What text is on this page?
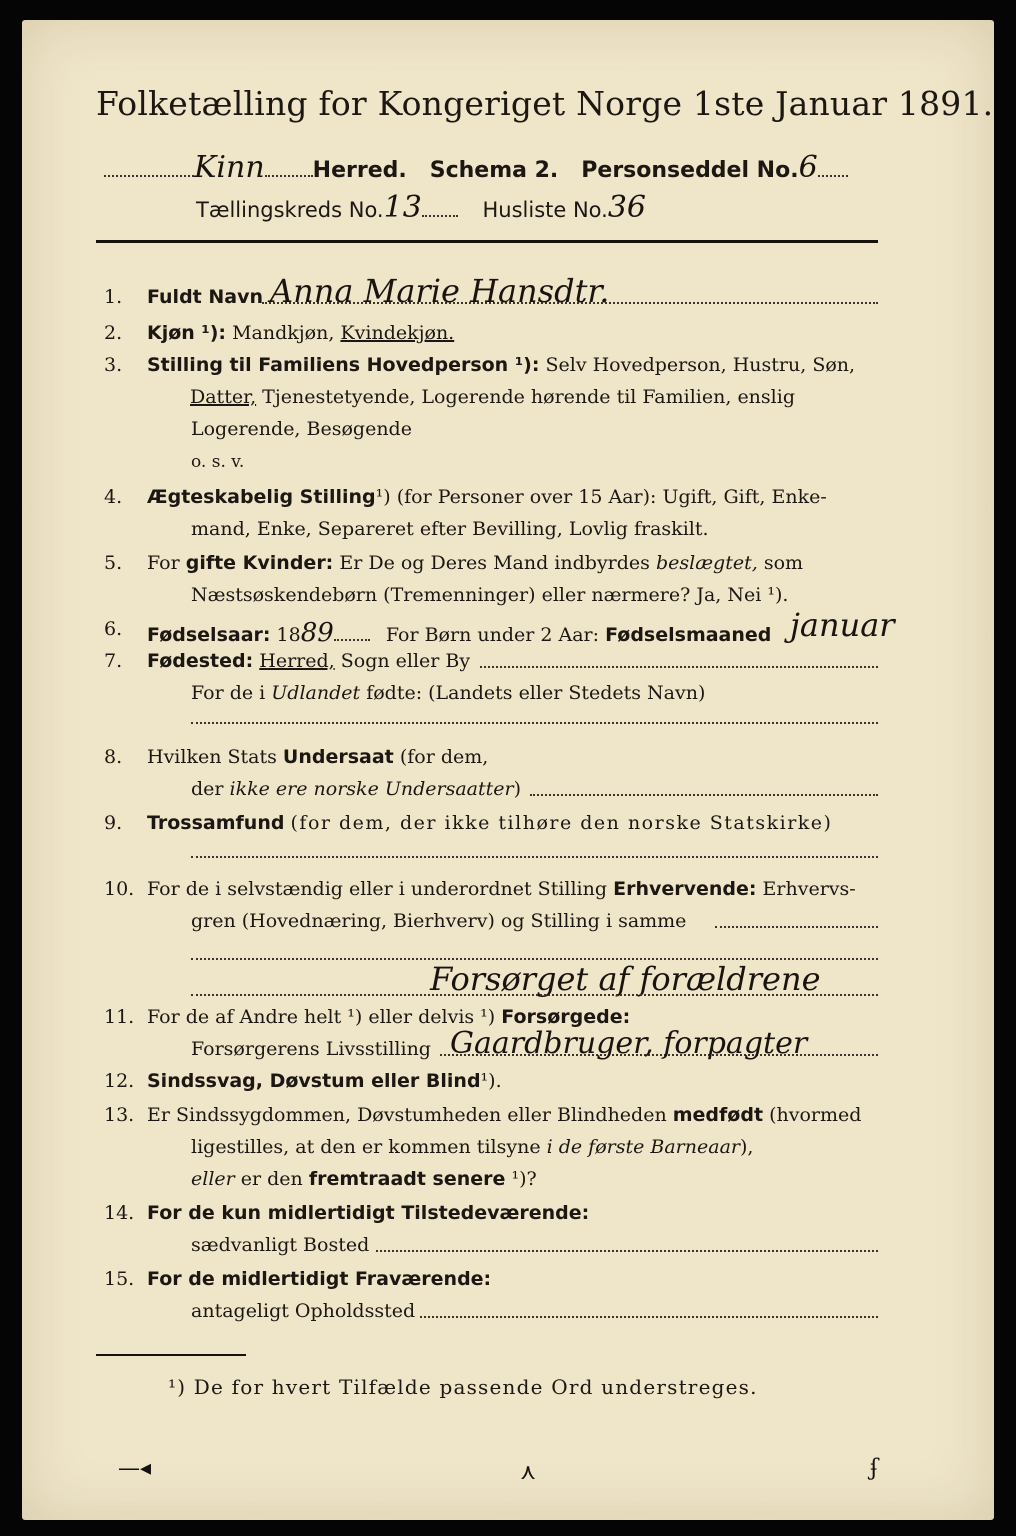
Folketælling for Kongeriget Norge 1ste Januar 1891.
Kinn Herred. Schema 2. Personseddel No.6
Tællingskreds No.13	Husliste No.36
1.	Fuldt Navn Anna Marie Hansdtr.
2.	Kjøn ¹): Mandkjøn, Kvindekjøn.
3.	Stilling til Familiens Hovedperson ¹): Selv Hovedperson, Hustru, Søn,
Datter, Tjenestetyende, Logerende hørende til Familien, enslig
Logerende, Besøgende
o. s. v.
4.	Ægteskabelig Stilling¹) (for Personer over 15 Aar): Ugift, Gift, Enke-
mand, Enke, Separeret efter Bevilling, Lovlig fraskilt.
5.	For gifte Kvinder: Er De og Deres Mand indbyrdes beslægtet, som
Næstsøskendebørn (Tremenninger) eller nærmere? Ja, Nei ¹).
6.	Fødselsaar: 1889	For Børn under 2 Aar: Fødselsmaaned januar
7.	Fødested: Herred, Sogn eller By
For de i Udlandet fødte: (Landets eller Stedets Navn)
8.	Hvilken Stats Undersaat (for dem,
der ikke ere norske Undersaatter)
9.	Trossamfund (for dem, der ikke tilhøre den norske Statskirke)
10. For de i selvstændig eller i underordnet Stilling Erhvervende: Erhvervs-
gren (Hovednæring, Bierhverv) og Stilling i samme
Forsørget af forældrene
11. For de af Andre helt ¹) eller delvis ¹) Forsørgede:
Forsørgerens Livsstilling Gaardbruger, forpagter
12. Sindssvag, Døvstum eller Blind¹).
13. Er Sindssygdommen, Døvstumheden eller Blindheden medfødt (hvormed
ligestilles, at den er kommen tilsyne i de første Barneaar),
eller er den fremtraadt senere ¹)?
14. For de kun midlertidigt Tilstedeværende:
sædvanligt Bosted
15. For de midlertidigt Fraværende:
antageligt Opholdssted
¹) De for hvert Tilfælde passende Ord understreges.
—◂	⋏	ʄ
